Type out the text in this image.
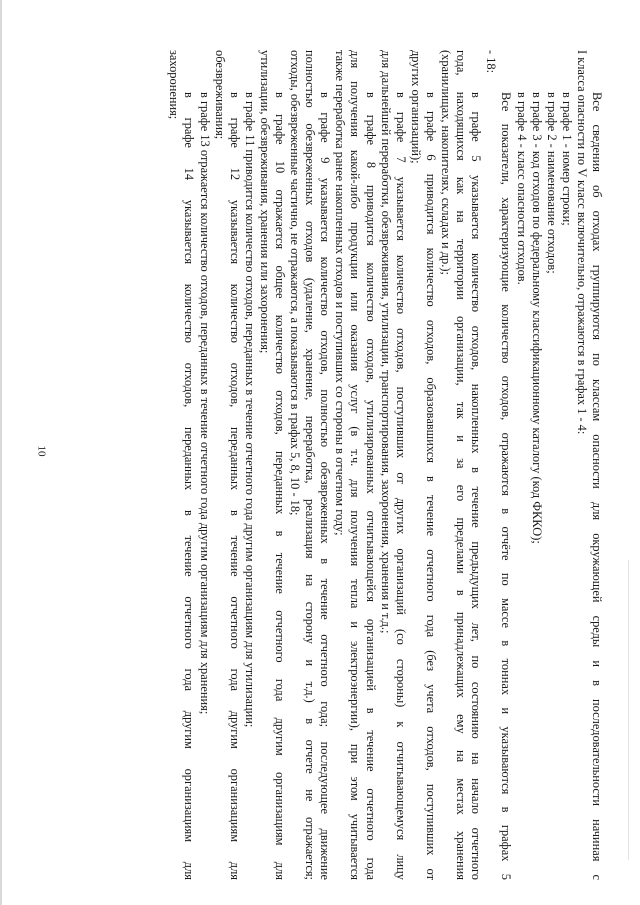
10	Все сведения об отходах группируются по классам опасности для окружающей среды и в последовательности начиная с
I класса опасности по V класс включительно, отражаются в графах 1 - 4:
в графе 1 - номер строки;
в графе 2 - наименование отходов;
в графе 3 - код отходов по федеральному классификационному каталогу (код ФККО);
в графе 4 - класс опасности отходов.
Все показатели, характеризующие количество отходов, отражаются в отчёте по массе в тоннах и указываются в графах 5
- 18:
в графе 5 указывается количество отходов, накопленных в течение предыдущих лет, по состоянию на начало отчетного
года, находящихся как на территории организации, так и за его пределами в принадлежащих ему на местах хранения
(хранилищах, накопителях, складах и др.);
в графе 6 приводится количество отходов, образовавшихся в течение отчетного года (без учета отходов, поступивших от
других организаций);
в графе 7 указывается количество отходов, поступивших от других организаций (со стороны) к отчитывающемуся лицу
для дальнейшей переработки, обезвреживания, утилизации, транспортирования, захоронения, хранения и т.д.;
в графе 8 приводится количество отходов, утилизированных отчитывающейся организацией в течение отчетного года
для получения какой-либо продукции или оказания услуг (в т.ч. для получения тепла и электроэнергии), при этом учитывается
также переработка ранее накопленных отходов и поступивших со стороны в отчетном году;
в графе 9 указывается количество отходов, полностью обезвреженных в течение отчетного года; последующее движение
полностью обезвреженных отходов (удаление, хранение, переработка, реализация на сторону и т.д.) в отчете не отражается;
отходы, обезвреженные частично, не отражаются, а показываются в графах 5, 8, 10 - 18;
в графе 10 отражается общее количество отходов, переданных в течение отчетного года другим организациям для
утилизации, обезвреживания, хранения или захоронения;
в графе 11 приводится количество отходов, переданных в течение отчетного года другим организациям для утилизации;
в графе 12 указывается количество отходов, переданных в течение отчетного года другим организациям для
обезвреживания;
в графе 13 отражается количество отходов, переданных в течение отчетного года другим организациям для хранения;
в графе 14 указывается количество отходов, переданных в течение отчетного года другим организациям для
захоронения;
